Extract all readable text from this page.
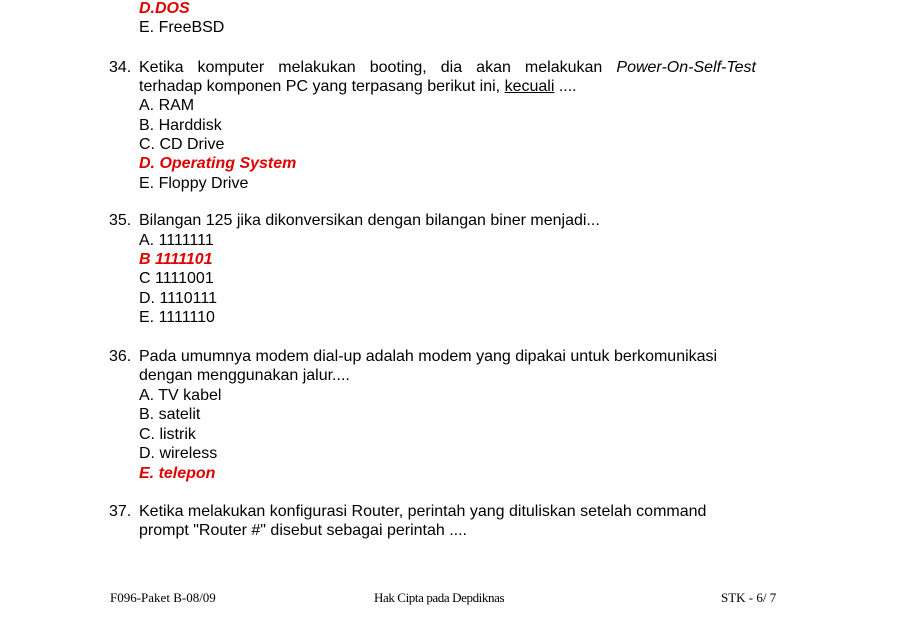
D.DOS
E. FreeBSD
34. Ketika komputer melakukan booting, dia akan melakukan Power-On-Self-Test
terhadap komponen PC yang terpasang berikut ini, kecuali ....
A. RAM
B. Harddisk
C. CD Drive
D. Operating System
E. Floppy Drive
35. Bilangan 125 jika dikonversikan dengan bilangan biner menjadi...
A. 1111111
B 1111101
C 1111001
D. 1110111
E. 1111110
36. Pada umumnya modem dial-up adalah modem yang dipakai untuk berkomunikasi
dengan menggunakan jalur....
A. TV kabel
B. satelit
C. listrik
D. wireless
E. telepon
37. Ketika melakukan konfigurasi Router, perintah yang dituliskan setelah command
prompt "Router #" disebut sebagai perintah ....
F096-Paket B-08/09	Hak Cipta pada Depdiknas	STK - 6/ 7
